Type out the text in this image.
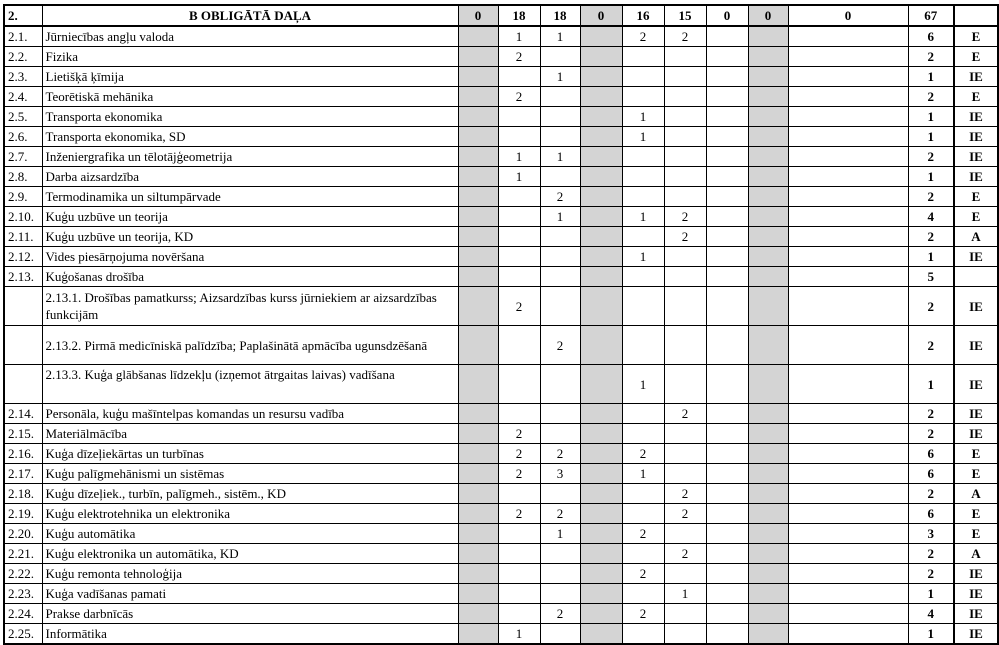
2.	B OBLIGĀTĀ DAĻA	0	18	18	0	16	15	0	0	0	67	
2.1.	Jūrniecības angļu valoda		1	1		2	2				6	E
2.2.	Fizika		2								2	E
2.3.	Lietišķā ķīmija			1							1	IE
2.4.	Teorētiskā mehānika		2								2	E
2.5.	Transporta ekonomika					1					1	IE
2.6.	Transporta ekonomika, SD					1					1	IE
2.7.	Inženiergrafika un tēlotājģeometrija		1	1							2	IE
2.8.	Darba aizsardzība		1								1	IE
2.9.	Termodinamika un siltumpārvade			2							2	E
2.10.	Kuģu uzbūve un teorija			1		1	2				4	E
2.11.	Kuģu uzbūve un teorija, KD						2				2	A
2.12.	Vides piesārņojuma novēršana					1					1	IE
2.13.	Kuģošanas drošība										5	
	2.13.1. Drošības pamatkurss; Aizsardzības kurss jūrniekiem ar aizsardzības funkcijām		2								2	IE
	2.13.2. Pirmā medicīniskā palīdzība; Paplašinātā apmācība ugunsdzēšanā			2							2	IE
	2.13.3. Kuģa glābšanas līdzekļu (izņemot ātrgaitas laivas) vadīšana					1					1	IE
2.14.	Personāla, kuģu mašīntelpas komandas un resursu vadība						2				2	IE
2.15.	Materiālmācība		2								2	IE
2.16.	Kuģa dīzeļiekārtas un turbīnas		2	2		2					6	E
2.17.	Kuģu palīgmehānismi un sistēmas		2	3		1					6	E
2.18.	Kuģu dīzeļiek., turbīn, palīgmeh., sistēm., KD						2				2	A
2.19.	Kuģu elektrotehnika un elektronika		2	2			2				6	E
2.20.	Kuģu automātika			1		2					3	E
2.21.	Kuģu elektronika un automātika, KD						2				2	A
2.22.	Kuģu remonta tehnoloģija					2					2	IE
2.23.	Kuģa vadīšanas pamati						1				1	IE
2.24.	Prakse darbnīcās			2		2					4	IE
2.25.	Informātika		1								1	IE
